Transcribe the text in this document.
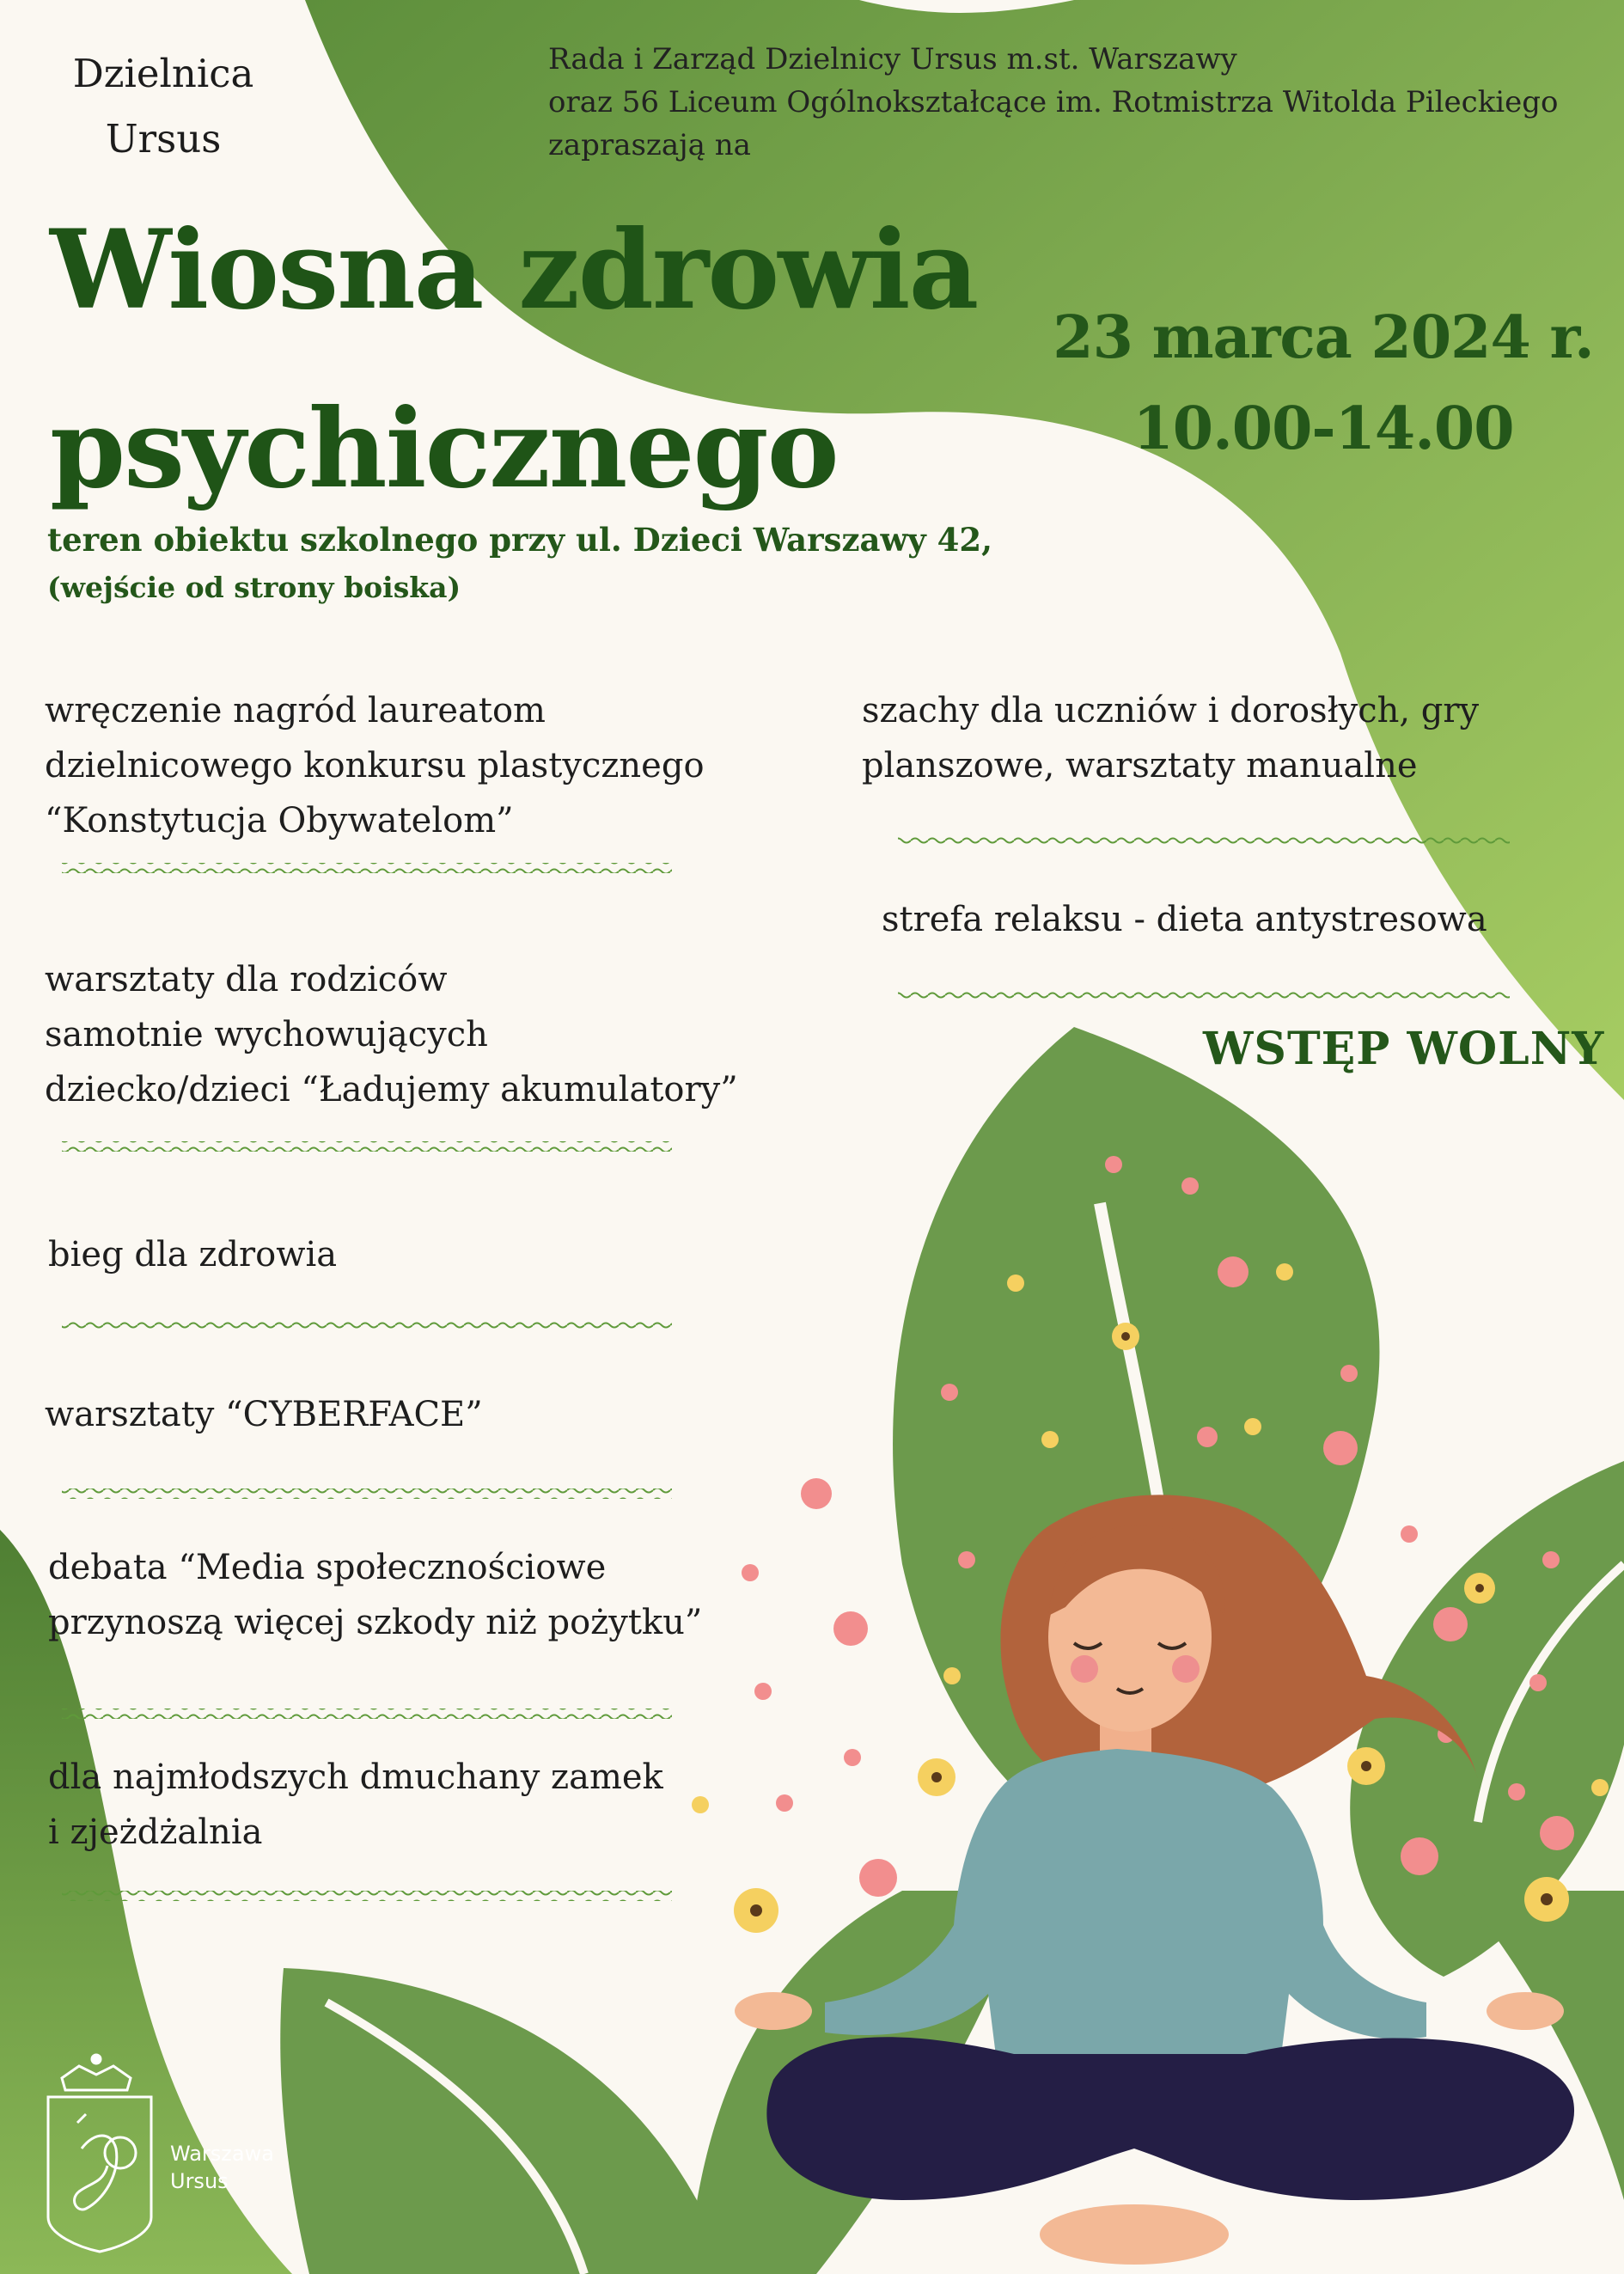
Dzielnica
Ursus
Rada i Zarząd Dzielnicy Ursus m.st. Warszawy
oraz 56 Liceum Ogólnokształcące im. Rotmistrza Witolda Pileckiego
zapraszają na
Wiosna zdrowia
psychicznego
23 marca 2024 r.
10.00-14.00
teren obiektu szkolnego przy ul. Dzieci Warszawy 42,
(wejście od strony boiska)
wręczenie nagród laureatom
dzielnicowego konkursu plastycznego
“Konstytucja Obywatelom”
warsztaty dla rodziców
samotnie wychowujących
dziecko/dzieci “Ładujemy akumulatory”
bieg dla zdrowia
warsztaty “CYBERFACE”
debata “Media społecznościowe
przynoszą więcej szkody niż pożytku”
dla najmłodszych dmuchany zamek
i zjeżdżalnia
szachy dla uczniów i dorosłych, gry
planszowe, warsztaty manualne
strefa relaksu - dieta antystresowa
WSTĘP WOLNY
Warszawa
Ursus
